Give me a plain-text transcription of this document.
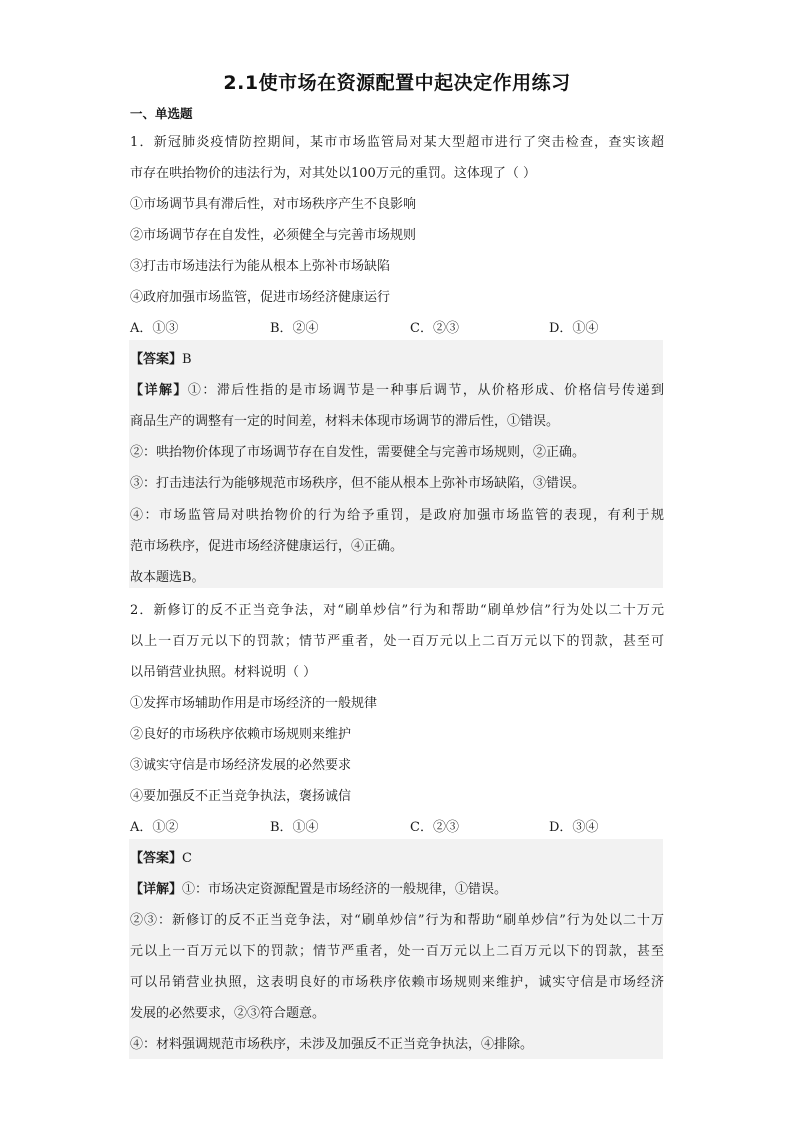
2.1使市场在资源配置中起决定作用练习
一、单选题
1．新冠肺炎疫情防控期间，某市市场监管局对某大型超市进行了突击检查，查实该超
市存在哄抬物价的违法行为，对其处以100万元的重罚。这体现了（ ）
①市场调节具有滞后性，对市场秩序产生不良影响
②市场调节存在自发性，必须健全与完善市场规则
③打击市场违法行为能从根本上弥补市场缺陷
④政府加强市场监管，促进市场经济健康运行
A．①③	B．②④	C．②③	D．①④
【答案】B
【详解】①：滞后性指的是市场调节是一种事后调节，从价格形成、价格信号传递到
商品生产的调整有一定的时间差，材料未体现市场调节的滞后性，①错误。
②：哄抬物价体现了市场调节存在自发性，需要健全与完善市场规则，②正确。
③：打击违法行为能够规范市场秩序，但不能从根本上弥补市场缺陷，③错误。
④：市场监管局对哄抬物价的行为给予重罚，是政府加强市场监管的表现，有利于规
范市场秩序，促进市场经济健康运行，④正确。
故本题选B。
2．新修订的反不正当竞争法，对“刷单炒信”行为和帮助“刷单炒信”行为处以二十万元
以上一百万元以下的罚款；情节严重者，处一百万元以上二百万元以下的罚款，甚至可
以吊销营业执照。材料说明（ ）
①发挥市场辅助作用是市场经济的一般规律
②良好的市场秩序依赖市场规则来维护
③诚实守信是市场经济发展的必然要求
④要加强反不正当竞争执法，褒扬诚信
A．①②	B．①④	C．②③	D．③④
【答案】C
【详解】①：市场决定资源配置是市场经济的一般规律，①错误。
②③：新修订的反不正当竞争法，对“刷单炒信”行为和帮助“刷单炒信”行为处以二十万
元以上一百万元以下的罚款；情节严重者，处一百万元以上二百万元以下的罚款，甚至
可以吊销营业执照，这表明良好的市场秩序依赖市场规则来维护，诚实守信是市场经济
发展的必然要求，②③符合题意。
④：材料强调规范市场秩序，未涉及加强反不正当竞争执法，④排除。
